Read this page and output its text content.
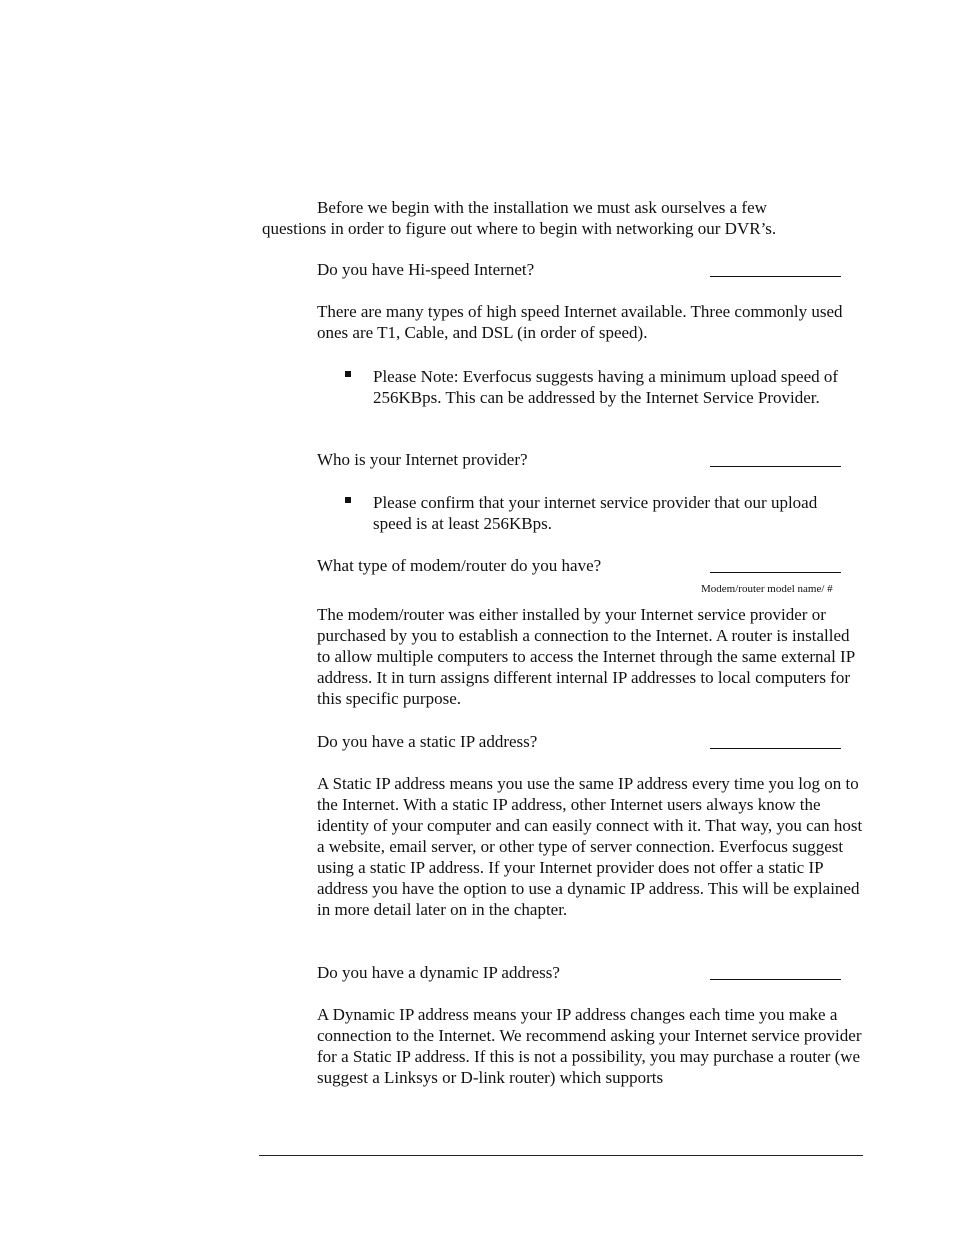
Before we begin with the installation we must ask ourselves a few
questions in order to figure out where to begin with networking our DVR’s.

Do you have Hi-speed Internet?

There are many types of high speed Internet available. Three commonly used ones are T1, Cable, and DSL (in order of speed).

Please Note: Everfocus suggests having a minimum upload speed of 256KBps. This can be addressed by the Internet Service Provider.

Who is your Internet provider?

Please confirm that your internet service provider that our upload speed is at least 256KBps.

What type of modem/router do you have?
Modem/router model name/ #

The modem/router was either installed by your Internet service provider or purchased by you to establish a connection to the Internet. A router is installed to allow multiple computers to access the Internet through the same external IP address. It in turn assigns different internal IP addresses to local computers for this specific purpose.

Do you have a static IP address?

A Static IP address means you use the same IP address every time you log on to the Internet. With a static IP address, other Internet users always know the identity of your computer and can easily connect with it. That way, you can host a website, email server, or other type of server connection. Everfocus suggest using a static IP address. If your Internet provider does not offer a static IP address you have the option to use a dynamic IP address. This will be explained in more detail later on in the chapter.

Do you have a dynamic IP address?

A Dynamic IP address means your IP address changes each time you make a connection to the Internet. We recommend asking your Internet service provider for a Static IP address. If this is not a possibility, you may purchase a router (we suggest a Linksys or D-link router) which supports
